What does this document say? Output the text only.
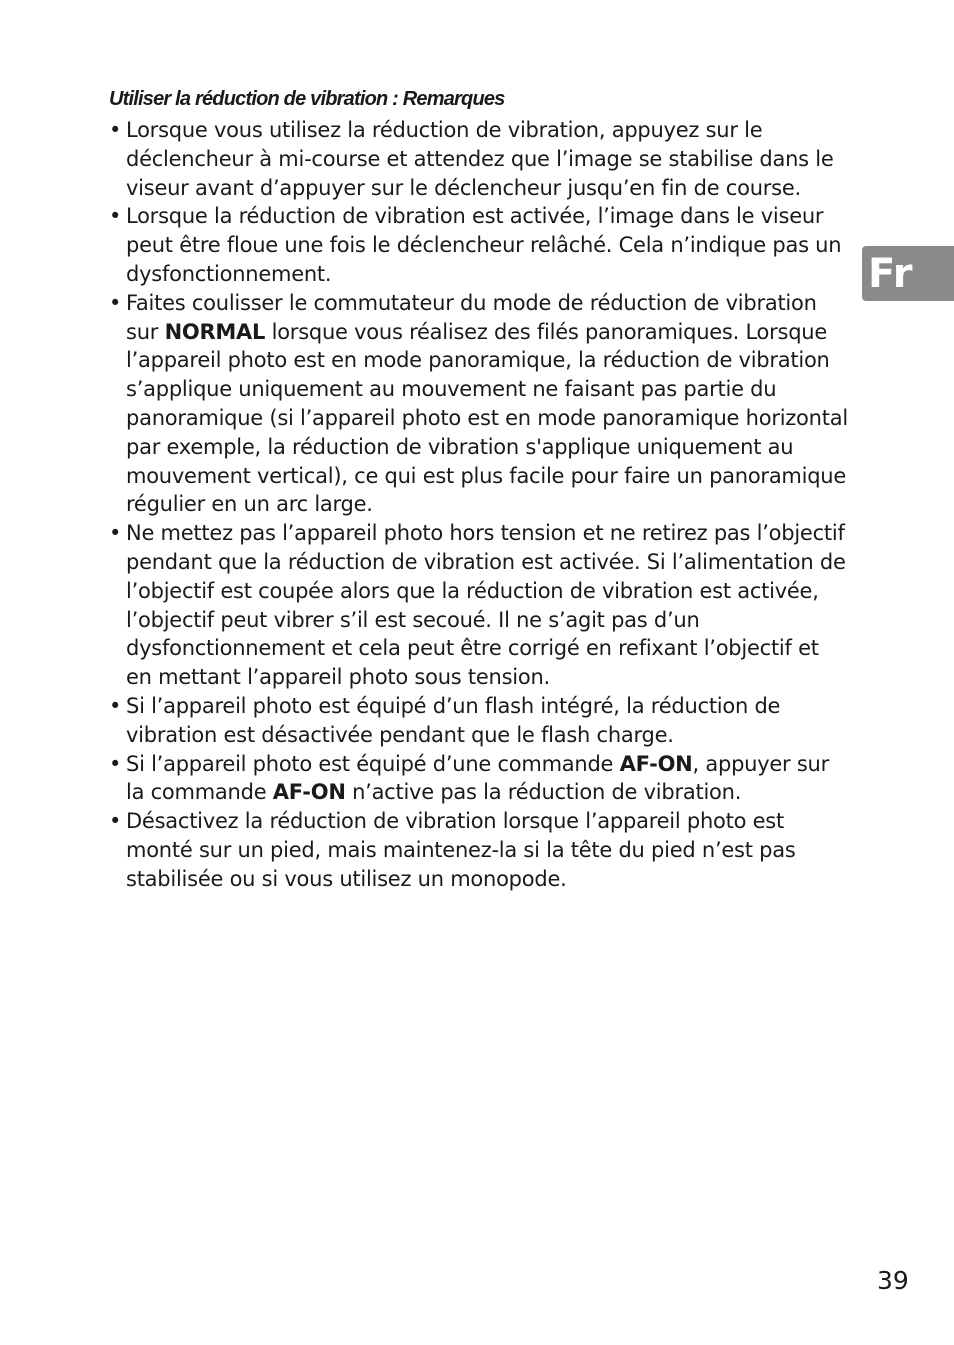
Utiliser la réduction de vibration : Remarques
• Lorsque vous utilisez la réduction de vibration, appuyez sur le déclencheur à mi-course et attendez que l’image se stabilise dans le viseur avant d’appuyer sur le déclencheur jusqu’en fin de course.
• Lorsque la réduction de vibration est activée, l’image dans le viseur peut être floue une fois le déclencheur relâché. Cela n’indique pas un dysfonctionnement.
• Faites coulisser le commutateur du mode de réduction de vibration sur NORMAL lorsque vous réalisez des filés panoramiques. Lorsque l’appareil photo est en mode panoramique, la réduction de vibration s’applique uniquement au mouvement ne faisant pas partie du panoramique (si l’appareil photo est en mode panoramique horizontal par exemple, la réduction de vibration s'applique uniquement au mouvement vertical), ce qui est plus facile pour faire un panoramique régulier en un arc large.
• Ne mettez pas l’appareil photo hors tension et ne retirez pas l’objectif pendant que la réduction de vibration est activée. Si l’alimentation de l’objectif est coupée alors que la réduction de vibration est activée, l’objectif peut vibrer s’il est secoué. Il ne s’agit pas d’un dysfonctionnement et cela peut être corrigé en refixant l’objectif et en mettant l’appareil photo sous tension.
• Si l’appareil photo est équipé d’un flash intégré, la réduction de vibration est désactivée pendant que le flash charge.
• Si l’appareil photo est équipé d’une commande AF-ON, appuyer sur la commande AF-ON n’active pas la réduction de vibration.
• Désactivez la réduction de vibration lorsque l’appareil photo est monté sur un pied, mais maintenez-la si la tête du pied n’est pas stabilisée ou si vous utilisez un monopode.
Fr
39
